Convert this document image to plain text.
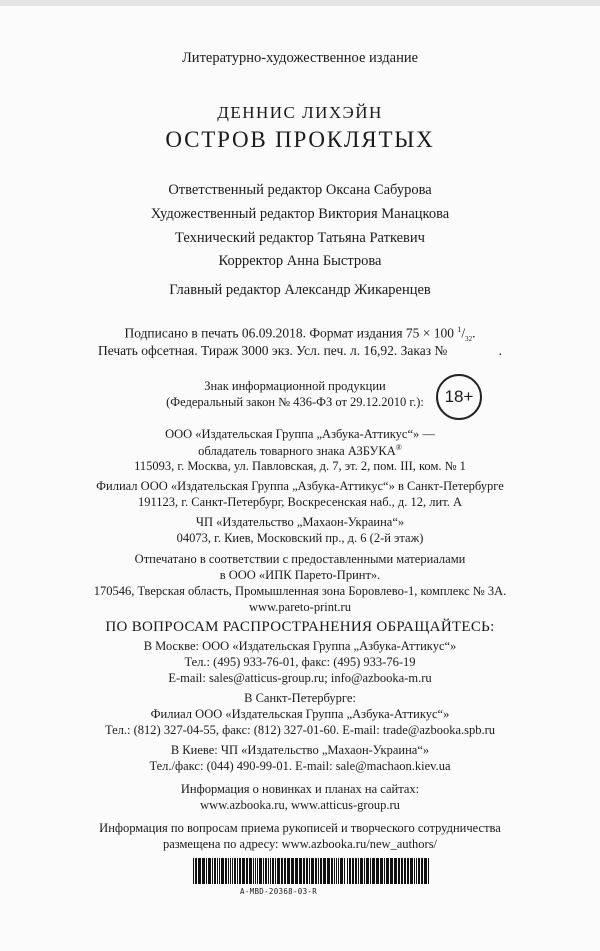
Литературно-художественное издание
ДЕННИС ЛИХЭЙН
ОСТРОВ ПРОКЛЯТЫХ
Ответственный редактор Оксана Сабурова
Художественный редактор Виктория Манацкова
Технический редактор Татьяна Раткевич
Корректор Анна Быстрова
Главный редактор Александр Жикаренцев
Подписано в печать 06.09.2018. Формат издания 75 × 100 $^1/_{32}$.
Печать офсетная. Тираж 3000 экз. Усл. печ. л. 16,92. Заказ №	.
Знак информационной продукции
(Федеральный закон № 436-ФЗ от 29.12.2010 г.):	18+
ООО «Издательская Группа „Азбука-Аттикус“» —
обладатель товарного знака АЗБУКА®
115093, г. Москва, ул. Павловская, д. 7, эт. 2, пом. III, ком. № 1
Филиал ООО «Издательская Группа „Азбука-Аттикус“» в Санкт-Петербурге
191123, г. Санкт-Петербург, Воскресенская наб., д. 12, лит. А
ЧП «Издательство „Махаон-Украина“»
04073, г. Киев, Московский пр., д. 6 (2-й этаж)
Отпечатано в соответствии с предоставленными материалами
в ООО «ИПК Парето-Принт».
170546, Тверская область, Промышленная зона Боровлево-1, комплекс № 3А.
www.pareto-print.ru
ПО ВОПРОСАМ РАСПРОСТРАНЕНИЯ ОБРАЩАЙТЕСЬ:
В Москве: ООО «Издательская Группа „Азбука-Аттикус“»
Тел.: (495) 933-76-01, факс: (495) 933-76-19
E-mail: sales@atticus-group.ru; info@azbooka-m.ru
В Санкт-Петербурге:
Филиал ООО «Издательская Группа „Азбука-Аттикус“»
Тел.: (812) 327-04-55, факс: (812) 327-01-60. E-mail: trade@azbooka.spb.ru
В Киеве: ЧП «Издательство „Махаон-Украина“»
Тел./факс: (044) 490-99-01. E-mail: sale@machaon.kiev.ua
Информация о новинках и планах на сайтах:
www.azbooka.ru, www.atticus-group.ru
Информация по вопросам приема рукописей и творческого сотрудничества
размещена по адресу: www.azbooka.ru/new_authors/
A-MBD-20368-03-R
